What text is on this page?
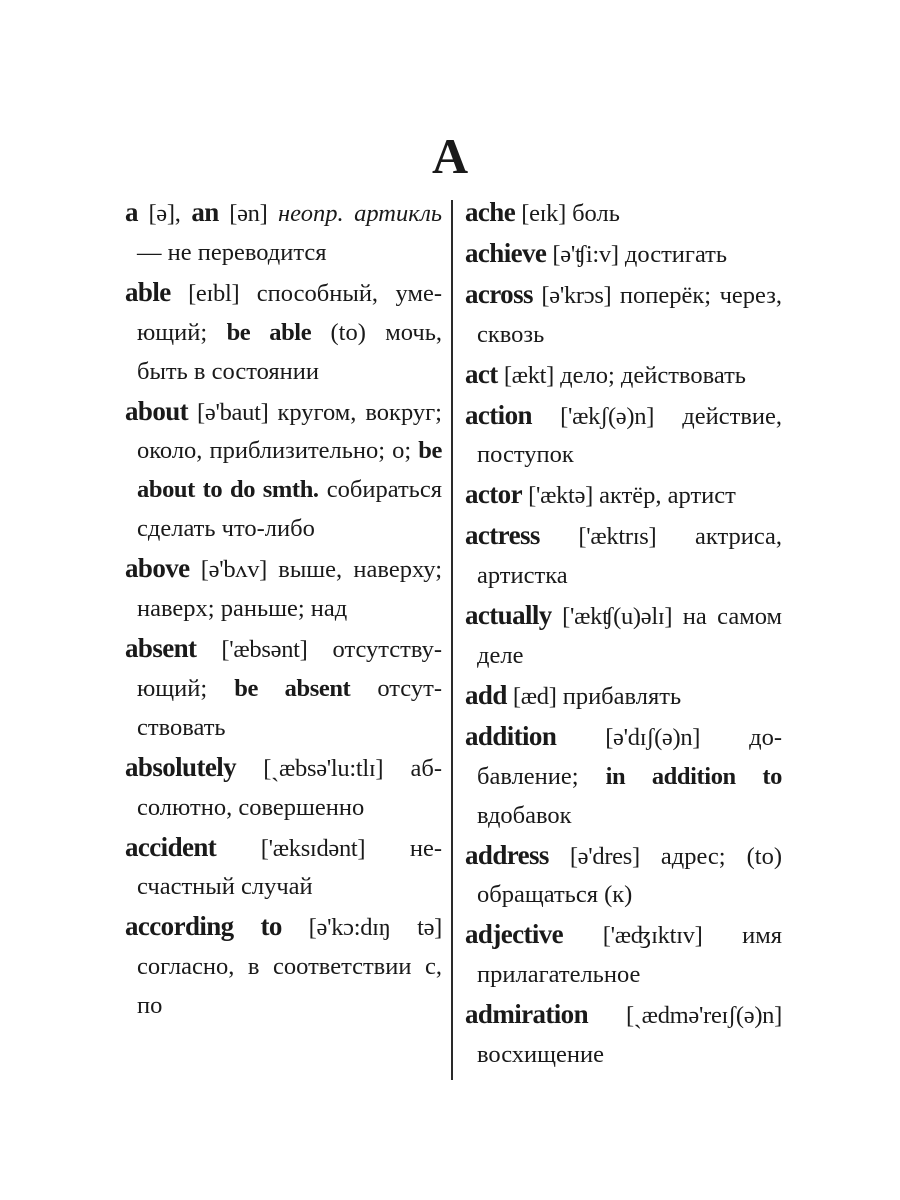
A
a [ə], an [ən] неопр. артикль — не переводится
able [eɪbl] способный, умеющий; be able (to) мочь, быть в состоянии
about [ə'baut] кругом, вокруг; около, приблизительно; о; be about to do smth. собираться сделать что-либо
above [ə'bʌv] выше, наверху; наверх; раньше; над
absent ['æbsənt] отсутствующий; be absent отсутствовать
absolutely [ˏæbsə'lu:tlɪ] абсолютно, совершенно
accident ['æksɪdənt] несчастный случай
according to [ə'kɔ:dɪŋ tə] согласно, в соответствии с, по
ache [eɪk] боль
achieve [ə'ʧi:v] достигать
across [ə'krɔs] поперёк; через, сквозь
act [ækt] дело; действовать
action ['ækʃ(ə)n] действие, поступок
actor ['æktə] актёр, артист
actress ['æktrɪs] актриса, артистка
actually ['ækʧ(u)əlɪ] на самом деле
add [æd] прибавлять
addition [ə'dɪʃ(ə)n] добавление; in addition to вдобавок
address [ə'dres] адрес; (to) обращаться (к)
adjective ['æʤɪktɪv] имя прилагательное
admiration [ˏædmə'reɪʃ(ə)n] восхищение
